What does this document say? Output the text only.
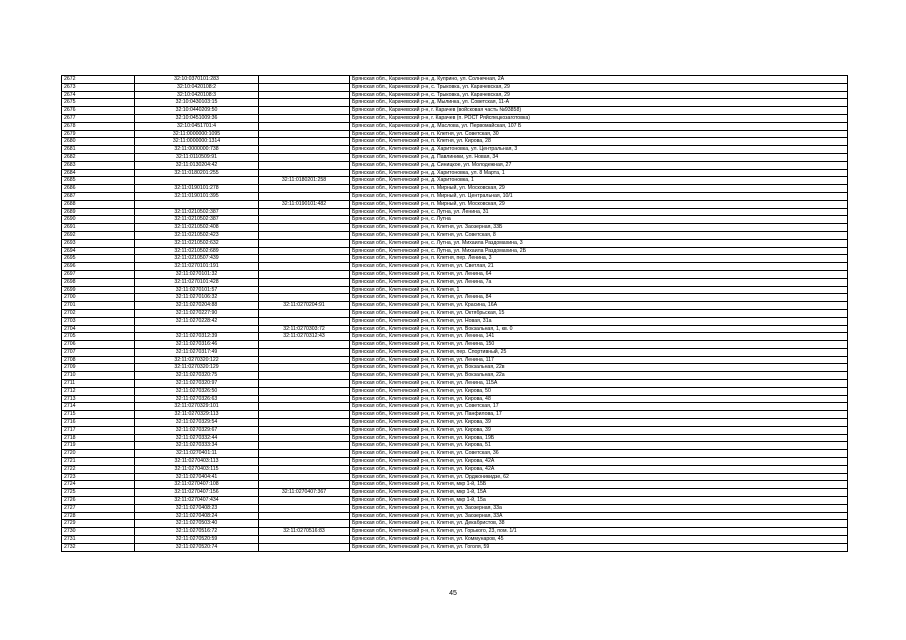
2672	32:10:0370101:283		Брянская обл., Карачевский р-н, д. Куприно, ул. Солнечная, 2А
2673	32:10:0420108:2		Брянская обл., Карачевский р-н, с. Трыковка, ул. Карачевская, 29
2674	32:10:0420108:3		Брянская обл., Карачевский р-н, с. Трыковка, ул. Карачевская, 29
2675	32:10:0430103:15		Брянская обл., Карачевский р-н, д. Мылинка, ул. Советская, 11-А
2676	32:10:0440209:50		Брянская обл., Карачевский р-н, г. Карачев (войсковая часть №93858)
2677	32:10:0451009:36		Брянская обл., Карачевский р-н, г. Карачев (п. РОСТ Ряйспецкозаготовка)
2678	32:10:0451701:4		Брянская обл., Карачевский р-н, д. Маслова, ул. Первомайская, 107 Б
2679	32:11:0000000:1095		Брянская обл., Клетнянский р-н, п. Клетня, ул. Советская, 30
2680	32:11:0000000:1314		Брянская обл., Клетнянский р-н, п. Клетня, ул. Кирова, 28
2681	32:11:0000000:738		Брянская обл., Клетнянский р-н, д. Харитоновка, ул. Центральная, 3
2682	32:11:0110509:91		Брянская обл., Клетнянский р-н, д. Павлиники, ул. Новая, 34
2683	32:11:0130204:42		Брянская обл., Клетнянский р-н, д. Синицкое, ул. Молодежная, 27
2684	32:11:0180201:255		Брянская обл., Клетнянский р-н, д. Харитоновка, ул. 8 Марта, 1
2685		32:11:0180201:258	Брянская обл., Клетнянский р-н, д. Харитоновка, 1
2686	32:11:0190101:278		Брянская обл., Клетнянский р-н, п. Мирный, ул. Московская, 29
2687	32:11:0190101:395		Брянская обл., Клетнянский р-н, п. Мирный, ул. Центральная, 10/1
2688		32:11:0190101:482	Брянская обл., Клетнянский р-н, п. Мирный, ул. Московская, 29
2689	32:11:0210502:387		Брянская обл., Клетнянский р-н, с. Лутна, ул. Ленина, 31
2690	32:11:0210502:387		Брянская обл., Клетнянский р-н, с. Лутна
2691	32:11:0210502:408		Брянская обл., Клетнянский р-н, п. Клетня, ул. Заозерная, 33Б
2692	32:11:0210502:423		Брянская обл., Клетнянский р-н, п. Клетня, ул. Советская, 8
2693	32:11:0210502:632		Брянская обл., Клетнянский р-н, с. Лутна, ул. Михаила Раздомахина, 3
2694	32:11:0210502:689		Брянская обл., Клетнянский р-н, с. Лутна, ул. Михаила Раздомахина, 2Б
2695	32:11:0210507:439		Брянская обл., Клетнянский р-н, п. Клетня, пер. Ленина, 3
2696	32:11:0270101:191		Брянская обл., Клетнянский р-н, п. Клетня, ул. Светлая, 21
2697	32:11:0270101:32		Брянская обл., Клетнянский р-н, п. Клетня, ул. Ленина, 64
2698	32:11:0270101:428		Брянская обл., Клетнянский р-н, п. Клетня, ул. Ленина, 7а
2699	32:11:0270101:57		Брянская обл., Клетнянский р-н, п. Клетня, 1
2700	32:11:0270106:32		Брянская обл., Клетнянский р-н, п. Клетня, ул. Ленина, 84
2701	32:11:0270204:88	32:11:0270204:91	Брянская обл., Клетнянский р-н, п. Клетня, ул. Красина, 16А
2702	32:11:0270227:90		Брянская обл., Клетнянский р-н, п. Клетня, ул. Октябрьская, 15
2703	32:11:0270228:42		Брянская обл., Клетнянский р-н, п. Клетня, ул. Новая, 31а
2704		32:11:0270303:72	Брянская обл., Клетнянский р-н, п. Клетня, ул. Вокзальная, 1, кв. 0
2705	32:11:0270312:39	32:11:0270312:43	Брянская обл., Клетнянский р-н, п. Клетня, ул. Ленина, 141
2706	32:11:0270316:46		Брянская обл., Клетнянский р-н, п. Клетня, ул. Ленина, 150
2707	32:11:0270317:49		Брянская обл., Клетнянский р-н, п. Клетня, пер. Спортивный, 25
2708	32:11:0270320:122		Брянская обл., Клетнянский р-н, п. Клетня, ул. Ленина, 117
2709	32:11:0270320:129		Брянская обл., Клетнянский р-н, п. Клетня, ул. Вокзальная, 22в
2710	32:11:0270320:75		Брянская обл., Клетнянский р-н, п. Клетня, ул. Вокзальная, 22а
2711	32:11:0270320:97		Брянская обл., Клетнянский р-н, п. Клетня, ул. Ленина, 115А
2712	32:11:0270326:50		Брянская обл., Клетнянский р-н, п. Клетня, ул. Кирова, 50
2713	32:11:0270326:63		Брянская обл., Клетнянский р-н, п. Клетня, ул. Кирова, 48
2714	32:11:0270329:101		Брянская обл., Клетнянский р-н, п. Клетня, ул. Советская, 17
2715	32:11:0270329:113		Брянская обл., Клетнянский р-н, п. Клетня, ул. Панфилова, 17
2716	32:11:0270329:54		Брянская обл., Клетнянский р-н, п. Клетня, ул. Кирова, 39
2717	32:11:0270329:67		Брянская обл., Клетнянский р-н, п. Клетня, ул. Кирова, 39
2718	32:11:0270332:44		Брянская обл., Клетнянский р-н, п. Клетня, ул. Кирова, 19Б
2719	32:11:0270333:34		Брянская обл., Клетнянский р-н, п. Клетня, ул. Кирова, 51
2720	32:11:0270401:11		Брянская обл., Клетнянский р-н, п. Клетня, ул. Советская, 36
2721	32:11:0270403:113		Брянская обл., Клетнянский р-н, п. Клетня, ул. Кирова, 42А
2722	32:11:0270403:115		Брянская обл., Клетнянский р-н, п. Клетня, ул. Кирова, 42А
2723	32:11:0270404:41		Брянская обл., Клетнянский р-н, п. Клетня, ул. Орджоникидзе, 62
2724	32:11:0270407:108		Брянская обл., Клетнянский р-н, п. Клетня, мкр 1-й, 15Б
2725	32:11:0270407:156	32:11:0270407:367	Брянская обл., Клетнянский р-н, п. Клетня, мкр 1-й, 15А
2726	32:11:0270407:434		Брянская обл., Клетнянский р-н, п. Клетня, мкр 1-й, 15а
2727	32:11:0270408:23		Брянская обл., Клетнянский р-н, п. Клетня, ул. Заозерная, 33а
2728	32:11:0270408:24		Брянская обл., Клетнянский р-н, п. Клетня, ул. Заозерная, 33А
2729	32:11:0270503:40		Брянская обл., Клетнянский р-н, п. Клетня, ул. Декабристов, 38
2730	32:11:0270516:72	32:11:0270516:83	Брянская обл., Клетнянский р-н, п. Клетня, ул. Горького, 23, пом. 1/1
2731	32:11:0270520:59		Брянская обл., Клетнянский р-н, п. Клетня, ул. Коммунаров, 45
2732	32:11:0270520:74		Брянская обл., Клетнянский р-н, п. Клетня, ул. Гоголя, 59
45
